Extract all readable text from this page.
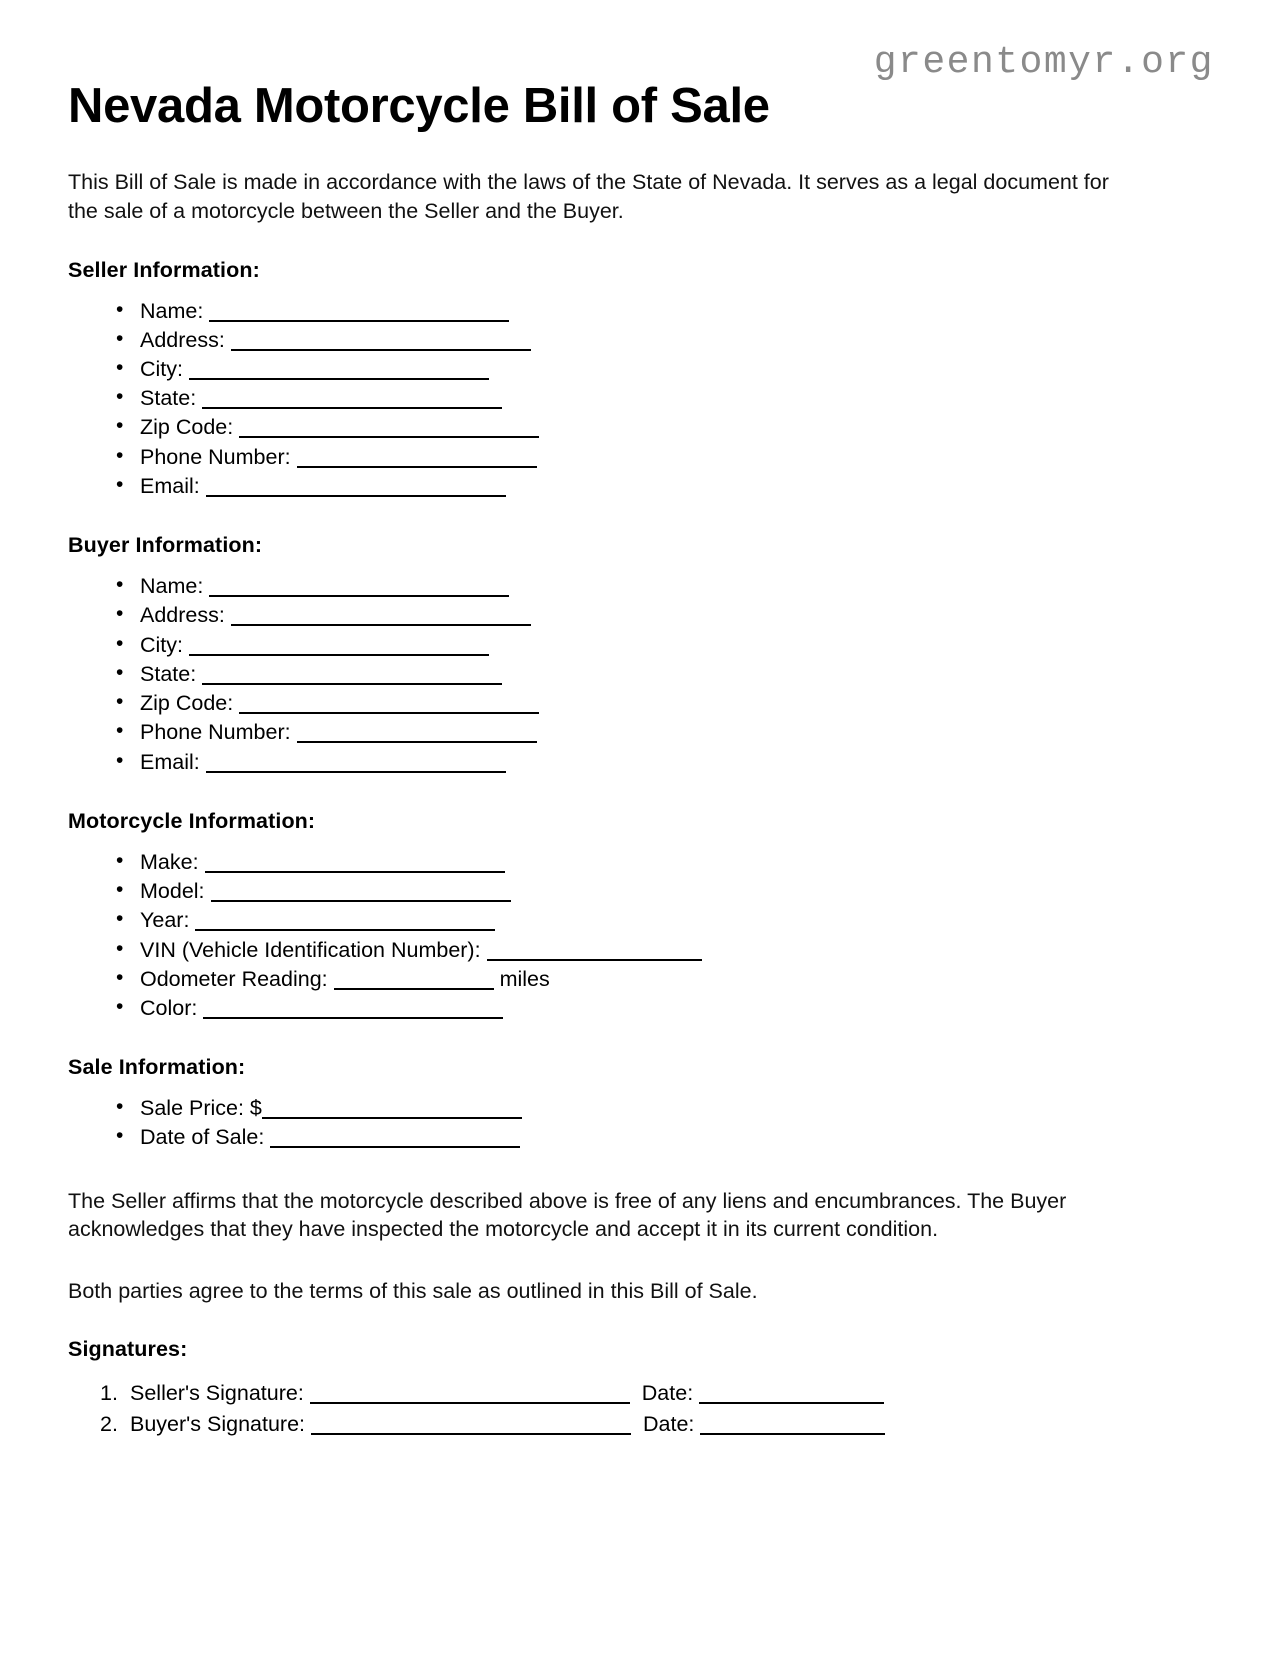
greentomyr.org
Nevada Motorcycle Bill of Sale

This Bill of Sale is made in accordance with the laws of the State of Nevada. It serves as a legal document for the sale of a motorcycle between the Seller and the Buyer.

Seller Information:
• Name:
• Address:
• City:
• State:
• Zip Code:
• Phone Number:
• Email:
Buyer Information:
• Name:
• Address:
• City:
• State:
• Zip Code:
• Phone Number:
• Email:
Motorcycle Information:
• Make:
• Model:
• Year:
• VIN (Vehicle Identification Number):
• Odometer Reading:	miles
• Color:
Sale Information:
• Sale Price: $
• Date of Sale:

The Seller affirms that the motorcycle described above is free of any liens and encumbrances. The Buyer acknowledges that they have inspected the motorcycle and accept it in its current condition.

Both parties agree to the terms of this sale as outlined in this Bill of Sale.

Signatures:
Seller's Signature:	Date:
Buyer's Signature:	Date:
